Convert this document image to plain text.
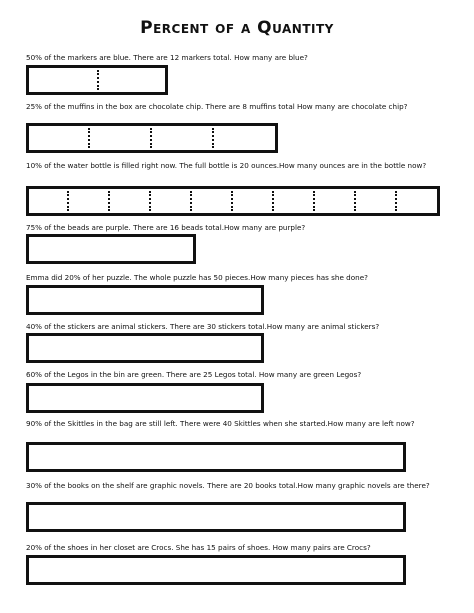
Percent of a Quantity
50% of the markers are blue. There are 12 markers total. How many are blue?
25% of the muffins in the box are chocolate chip. There are 8 muffins total How many are chocolate chip?
10% of the water bottle is filled right now. The full bottle is 20 ounces.How many ounces are in the bottle now?
75% of the beads are purple. There are 16 beads total.How many are purple?
Emma did 20% of her puzzle. The whole puzzle has 50 pieces.How many pieces has she done?
40% of the stickers are animal stickers. There are 30 stickers total.How many are animal stickers?
60% of the Legos in the bin are green. There are 25 Legos total. How many are green Legos?
90% of the Skittles in the bag are still left. There were 40 Skittles when she started.How many are left now?
30% of the books on the shelf are graphic novels. There are 20 books total.How many graphic novels are there?
20% of the shoes in her closet are Crocs. She has 15 pairs of shoes. How many pairs are Crocs?
